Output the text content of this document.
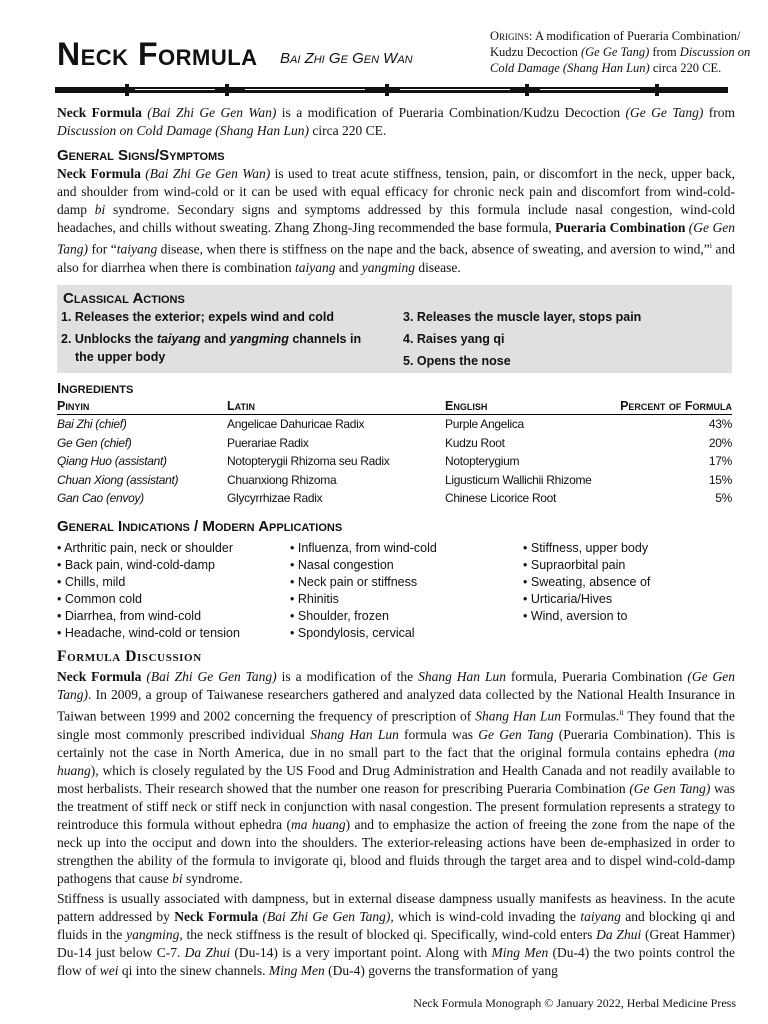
Neck Formula Bai Zhi Ge Gen Wan
Origins: A modification of Pueraria Combination/ Kudzu Decoction (Ge Ge Tang) from Discussion on Cold Damage (Shang Han Lun) circa 220 CE.
Neck Formula (Bai Zhi Ge Gen Wan) is a modification of Pueraria Combination/Kudzu Decoction (Ge Ge Tang) from Discussion on Cold Damage (Shang Han Lun) circa 220 CE.
General Signs/Symptoms
Neck Formula (Bai Zhi Ge Gen Wan) is used to treat acute stiffness, tension, pain, or discomfort in the neck, upper back, and shoulder from wind-cold or it can be used with equal efficacy for chronic neck pain and discomfort from wind-cold-damp bi syndrome. Secondary signs and symptoms addressed by this formula include nasal congestion, wind-cold headaches, and chills without sweating. Zhang Zhong-Jing recommended the base formula, Pueraria Combination (Ge Gen Tang) for “taiyang disease, when there is stiffness on the nape and the back, absence of sweating, and aversion to wind,”$^i$ and also for diarrhea when there is combination taiyang and yangming disease.
Classical Actions
1. Releases the exterior; expels wind and cold
2. Unblocks the taiyang and yangming channels in
the upper body
3. Releases the muscle layer, stops pain
4. Raises yang qi
5. Opens the nose
Ingredients
Pinyin	Latin	English	Percent of Formula
Bai Zhi (chief)	Angelicae Dahuricae Radix	Purple Angelica	43%
Ge Gen (chief)	Puerariae Radix	Kudzu Root	20%
Qiang Huo (assistant)	Notopterygii Rhizoma seu Radix	Notopterygium	17%
Chuan Xiong (assistant)	Chuanxiong Rhizoma	Ligusticum Wallichii Rhizome	15%
Gan Cao (envoy)	Glycyrrhizae Radix	Chinese Licorice Root	5%
General Indications / Modern Applications
• Arthritic pain, neck or shoulder
• Back pain, wind-cold-damp
• Chills, mild
• Common cold
• Diarrhea, from wind-cold
• Headache, wind-cold or tension
• Influenza, from wind-cold
• Nasal congestion
• Neck pain or stiffness
• Rhinitis
• Shoulder, frozen
• Spondylosis, cervical
• Stiffness, upper body
• Supraorbital pain
• Sweating, absence of
• Urticaria/Hives
• Wind, aversion to
Formula Discussion
Neck Formula (Bai Zhi Ge Gen Tang) is a modification of the Shang Han Lun formula, Pueraria Combination (Ge Gen Tang). In 2009, a group of Taiwanese researchers gathered and analyzed data collected by the National Health Insurance in Taiwan between 1999 and 2002 concerning the frequency of prescription of Shang Han Lun Formulas.$^{ii}$ They found that the single most commonly prescribed individual Shang Han Lun formula was Ge Gen Tang (Pueraria Combination). This is certainly not the case in North America, due in no small part to the fact that the original formula contains ephedra (ma huang), which is closely regulated by the US Food and Drug Administration and Health Canada and not readily available to most herbalists. Their research showed that the number one reason for prescribing Pueraria Combination (Ge Gen Tang) was the treatment of stiff neck or stiff neck in conjunction with nasal congestion. The present formulation represents a strategy to reintroduce this formula without ephedra (ma huang) and to emphasize the action of freeing the zone from the nape of the neck up into the occiput and down into the shoulders. The exterior-releasing actions have been de-emphasized in order to strengthen the ability of the formula to invigorate qi, blood and fluids through the target area and to dispel wind-cold-damp pathogens that cause bi syndrome.
Stiffness is usually associated with dampness, but in external disease dampness usually manifests as heaviness. In the acute pattern addressed by Neck Formula (Bai Zhi Ge Gen Tang), which is wind-cold invading the taiyang and blocking qi and fluids in the yangming, the neck stiffness is the result of blocked qi. Specifically, wind-cold enters Da Zhui (Great Hammer) Du-14 just below C-7. Da Zhui (Du-14) is a very important point. Along with Ming Men (Du-4) the two points control the flow of wei qi into the sinew channels. Ming Men (Du-4) governs the transformation of yang
Neck Formula Monograph © January 2022, Herbal Medicine Press
